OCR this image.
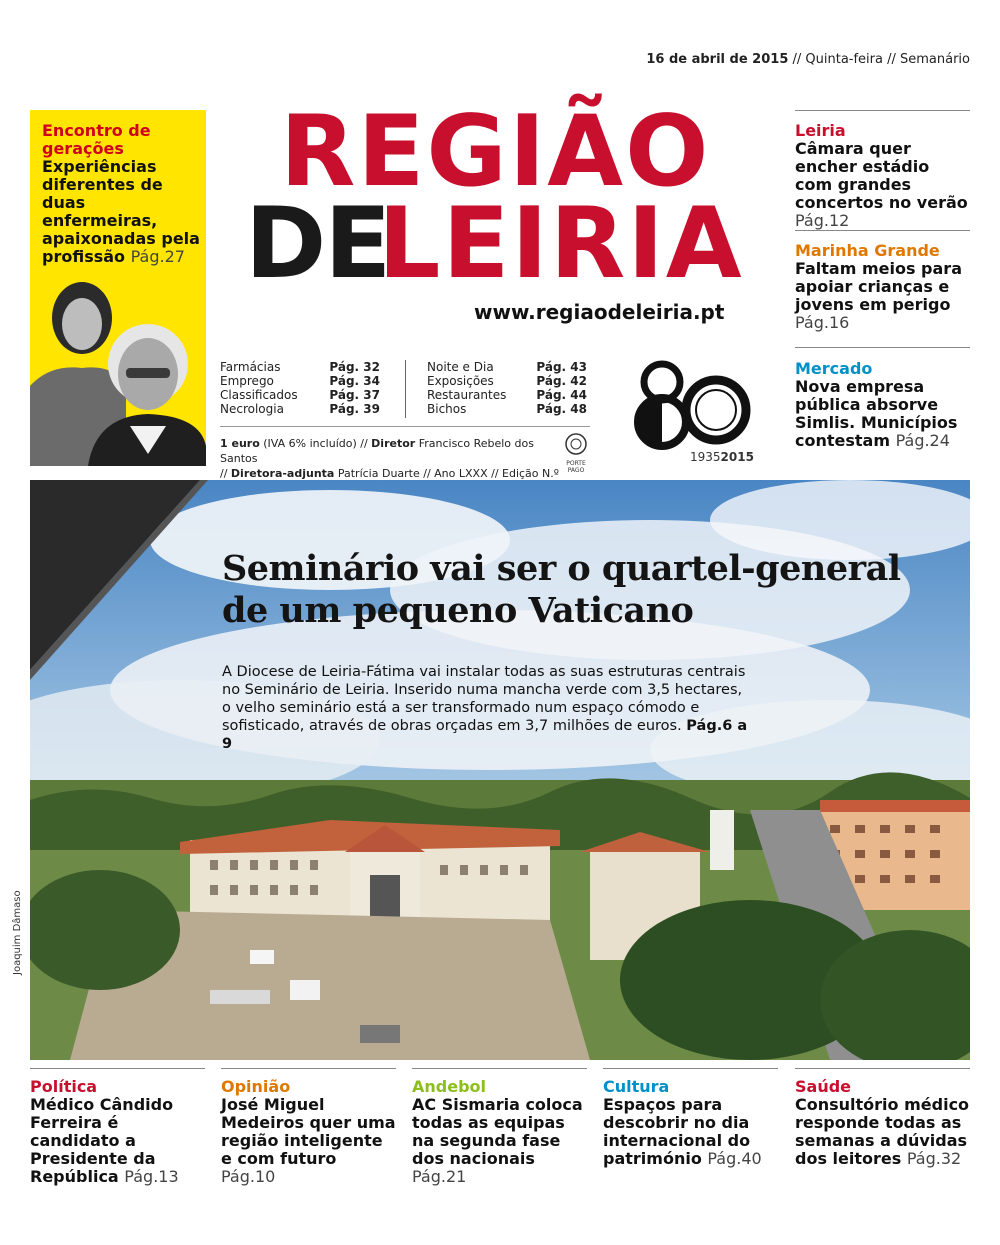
16 de abril de 2015 // Quinta-feira // Semanário
Encontro de gerações
Experiências diferentes de duas enfermeiras, apaixonadas pela profissão Pág.27
REGIÃO
DE
LEIRIA
www.regiaodeleiria.pt
Farmácias	Pág. 32
Emprego	Pág. 34
Classificados	Pág. 37
Necrologia	Pág. 39
Noite e Dia	Pág. 43
Exposições	Pág. 42
Restaurantes	Pág. 44
Bichos	Pág. 48
1 euro (IVA 6% incluído) // Diretor Francisco Rebelo dos Santos
// Diretora-adjunta Patrícia Duarte // Ano LXXX // Edição N.º
PORTE PAGO
19352015
Leiria
Câmara quer encher estádio com grandes concertos no verão Pág.12
Marinha Grande
Faltam meios para apoiar crianças e jovens em perigo Pág.16
Mercado
Nova empresa pública absorve Simlis. Municípios contestam Pág.24
Seminário vai ser o quartel-general de um pequeno Vaticano
A Diocese de Leiria-Fátima vai instalar todas as suas estruturas centrais no Seminário de Leiria. Inserido numa mancha verde com 3,5 hectares, o velho seminário está a ser transformado num espaço cómodo e sofisticado, através de obras orçadas em 3,7 milhões de euros. Pág.6 a 9
Joaquim Dâmaso
Política
Médico Cândido Ferreira é candidato a Presidente da República Pág.13
Opinião
José Miguel Medeiros quer uma região inteligente e com futuro Pág.10
Andebol
AC Sismaria coloca todas as equipas na segunda fase dos nacionais Pág.21
Cultura
Espaços para descobrir no dia internacional do património Pág.40
Saúde
Consultório médico responde todas as semanas a dúvidas dos leitores Pág.32
